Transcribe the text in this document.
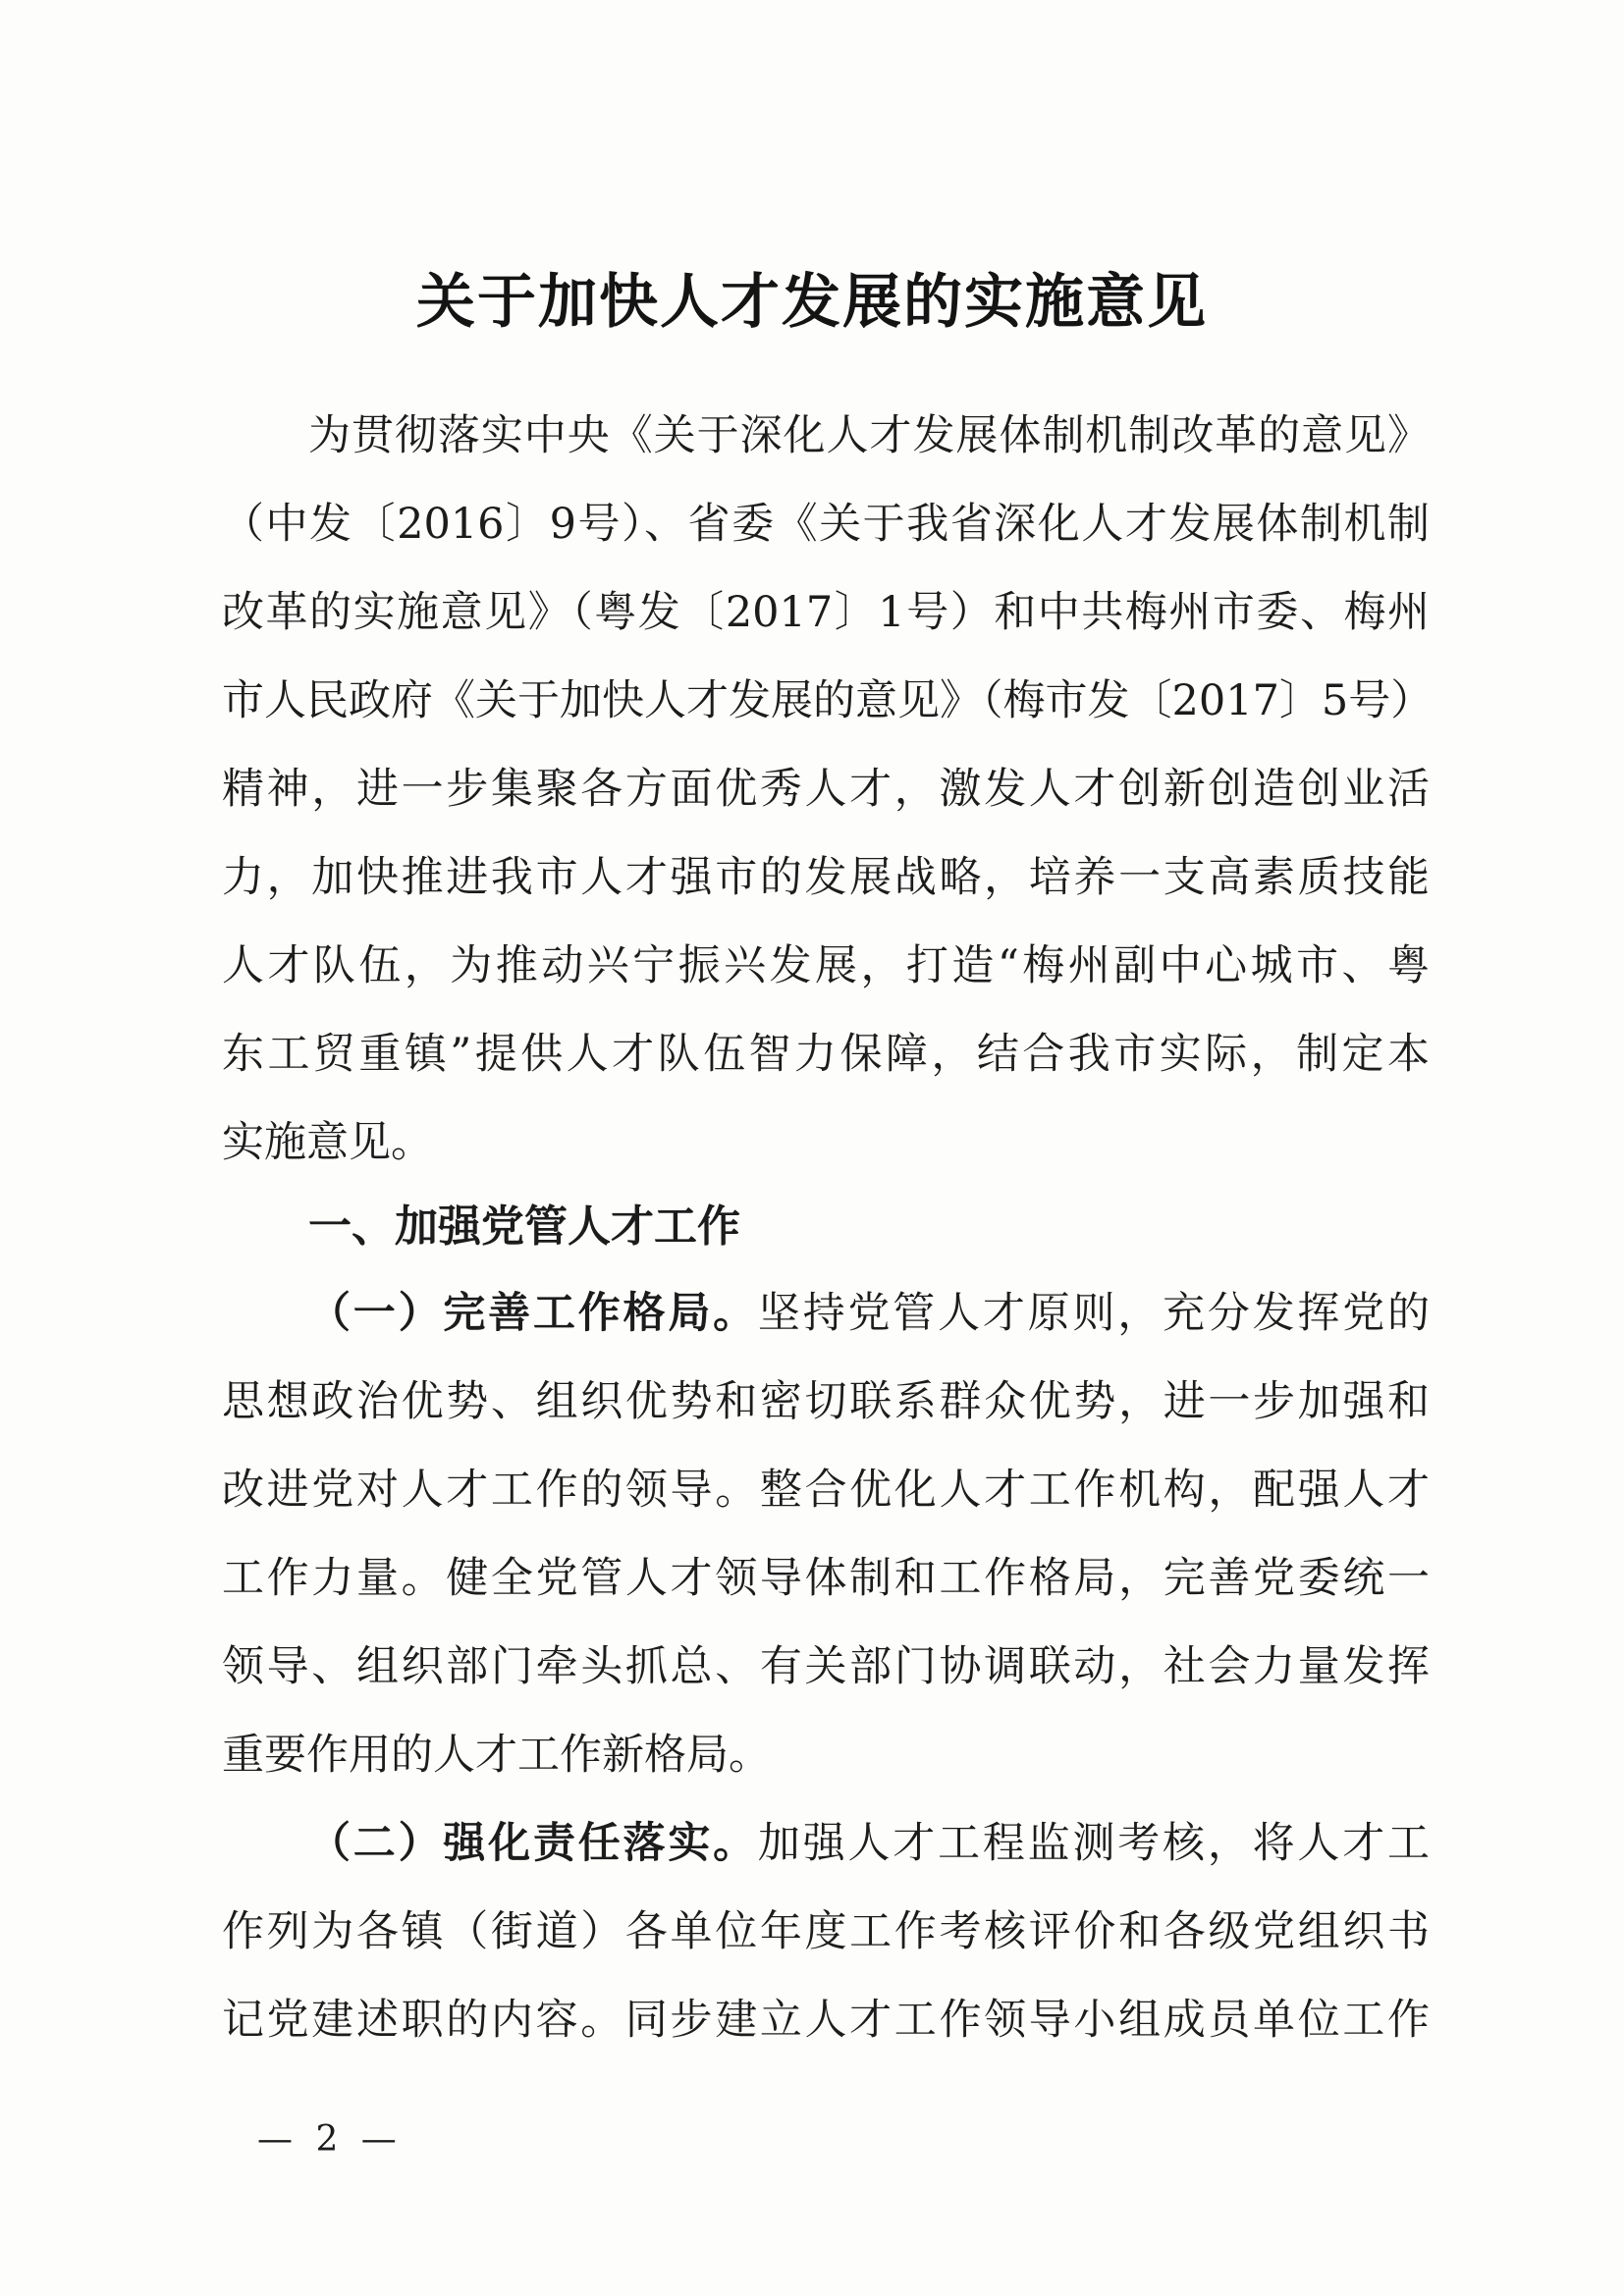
关于加快人才发展的实施意见
为贯彻落实中央《关于深化人才发展体制机制改革的意见》
（中发〔2016〕9号）、省委《关于我省深化人才发展体制机制
改革的实施意见》（粤发〔2017〕1号）和中共梅州市委、梅州
市人民政府《关于加快人才发展的意见》（梅市发〔2017〕5号）
精神，进一步集聚各方面优秀人才，激发人才创新创造创业活
力，加快推进我市人才强市的发展战略，培养一支高素质技能
人才队伍，为推动兴宁振兴发展，打造“梅州副中心城市、粤
东工贸重镇”提供人才队伍智力保障，结合我市实际，制定本
实施意见。
一、加强党管人才工作
（一）完善工作格局。坚持党管人才原则，充分发挥党的
思想政治优势、组织优势和密切联系群众优势，进一步加强和
改进党对人才工作的领导。整合优化人才工作机构，配强人才
工作力量。健全党管人才领导体制和工作格局，完善党委统一
领导、组织部门牵头抓总、有关部门协调联动，社会力量发挥
重要作用的人才工作新格局。
（二）强化责任落实。加强人才工程监测考核，将人才工
作列为各镇（街道）各单位年度工作考核评价和各级党组织书
记党建述职的内容。同步建立人才工作领导小组成员单位工作
— 2 —
